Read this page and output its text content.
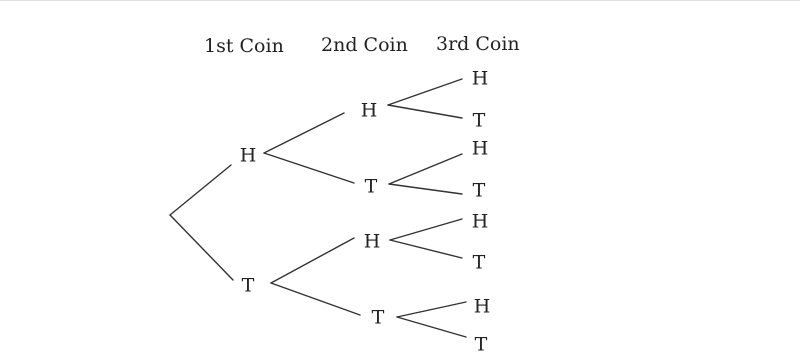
1st Coin 2nd Coin 3rd Coin
H
T
H
T
H
T
H
T
H
T
H
T
H
T
